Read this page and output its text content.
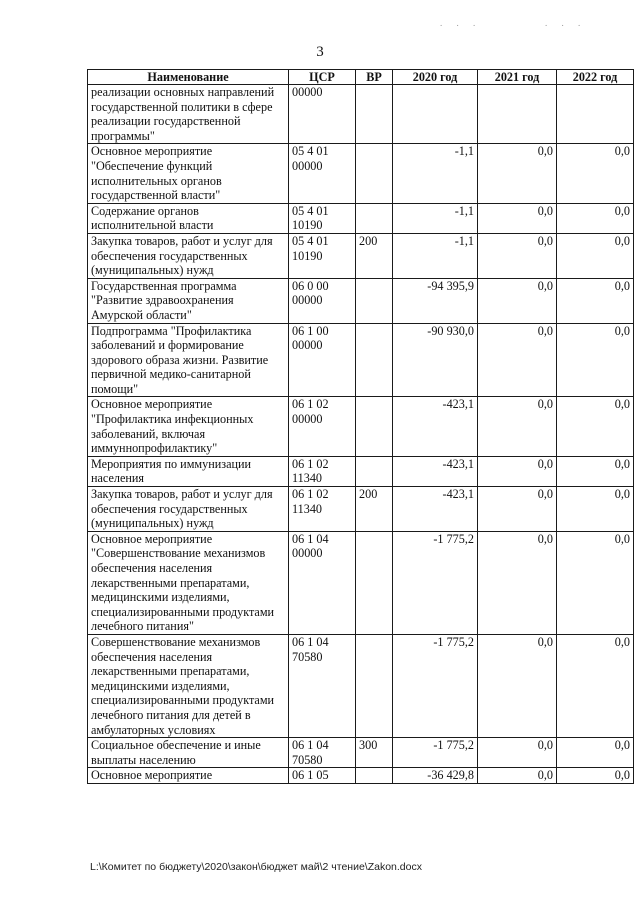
. . .	. . .
3
Наименование	ЦСР	ВР	2020 год	2021 год	2022 год
реализации основных направлений государственной политики в сфере реализации государственной программы"	00000				
Основное мероприятие "Обеспечение функций исполнительных органов государственной власти"	05 4 01 00000		-1,1	0,0	0,0
Содержание органов исполнительной власти	05 4 01 10190		-1,1	0,0	0,0
Закупка товаров, работ и услуг для обеспечения государственных (муниципальных) нужд	05 4 01 10190	200	-1,1	0,0	0,0
Государственная программа "Развитие здравоохранения Амурской области"	06 0 00 00000		-94 395,9	0,0	0,0
Подпрограмма "Профилактика заболеваний и формирование здорового образа жизни. Развитие первичной медико-санитарной помощи"	06 1 00 00000		-90 930,0	0,0	0,0
Основное мероприятие "Профилактика инфекционных заболеваний, включая иммуннопрофилактику"	06 1 02 00000		-423,1	0,0	0,0
Мероприятия по иммунизации населения	06 1 02 11340		-423,1	0,0	0,0
Закупка товаров, работ и услуг для обеспечения государственных (муниципальных) нужд	06 1 02 11340	200	-423,1	0,0	0,0
Основное мероприятие "Совершенствование механизмов обеспечения населения лекарственными препаратами, медицинскими изделиями, специализированными продуктами лечебного питания"	06 1 04 00000		-1 775,2	0,0	0,0
Совершенствование механизмов обеспечения населения лекарственными препаратами, медицинскими изделиями, специализированными продуктами лечебного питания для детей в амбулаторных условиях	06 1 04 70580		-1 775,2	0,0	0,0
Социальное обеспечение и иные выплаты населению	06 1 04 70580	300	-1 775,2	0,0	0,0
Основное мероприятие	06 1 05		-36 429,8	0,0	0,0
L:\Комитет по бюджету\2020\закон\бюджет май\2 чтение\Zakon.docx
